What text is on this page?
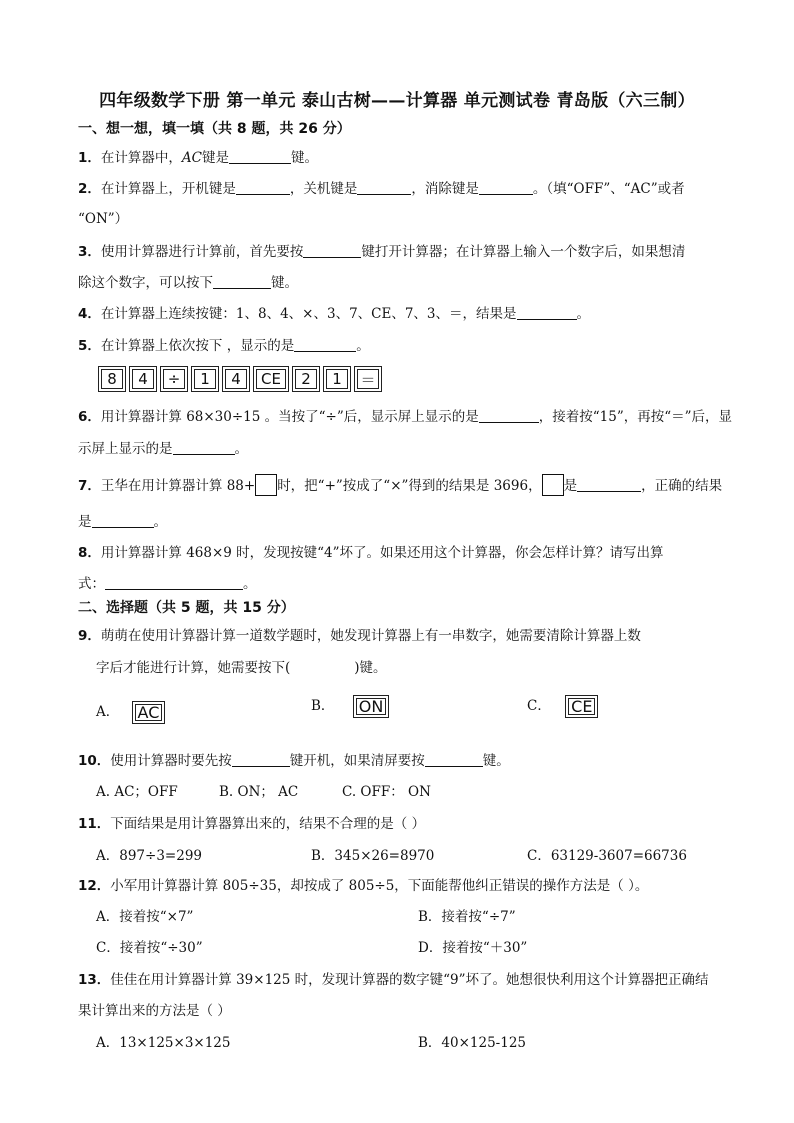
四年级数学下册 第一单元 泰山古树——计算器 单元测试卷 青岛版（六三制）
一、想一想，填一填（共 8 题，共 26 分）
1．在计算器中，AC键是	键。
2．在计算器上，开机键是	，关机键是	，消除键是	。（填“OFF”、“AC”或者
“ON”）
3．使用计算器进行计算前，首先要按	键打开计算器；在计算器上输入一个数字后，如果想清
除这个数字，可以按下	键。
4．在计算器上连续按键：1、8、4、×、3、7、CE、7、3、＝，结果是	。
5．在计算器上依次按下 ，显示的是	。
8	4	÷	1	4	CE	2	1	＝
6．用计算器计算 68×30÷15 。当按了“÷”后，显示屏上显示的是	，接着按“15”，再按“＝”后，显
示屏上显示的是	。
7．王华在用计算器计算 88+ 时，把“+”按成了“×”得到的结果是 3696， 是	，正确的结果
是	。
8．用计算器计算 468×9 时，发现按键“4”坏了。如果还用这个计算器，你会怎样计算？请写出算
式：	。
二、选择题（共 5 题，共 15 分）
9．萌萌在使用计算器计算一道数学题时，她发现计算器上有一串数字，她需要清除计算器上数
字后才能进行计算，她需要按下(	)键。
A． AC	B． ON	C． CE
10．使用计算器时要先按	键开机，如果清屏要按	键。
A. AC；OFF	B. ON； AC	C. OFF： ON
11．下面结果是用计算器算出来的，结果不合理的是（ ）
A．897÷3=299	B．345×26=8970	C．63129-3607=66736
12．小军用计算器计算 805÷35，却按成了 805÷5，下面能帮他纠正错误的操作方法是（ ）。
A．接着按“×7”	B．接着按“÷7”
C．接着按“÷30”	D．接着按“＋30”
13．佳佳在用计算器计算 39×125 时，发现计算器的数字键“9”坏了。她想很快利用这个计算器把正确结
果计算出来的方法是（ ）
A．13×125×3×125	B．40×125-125
